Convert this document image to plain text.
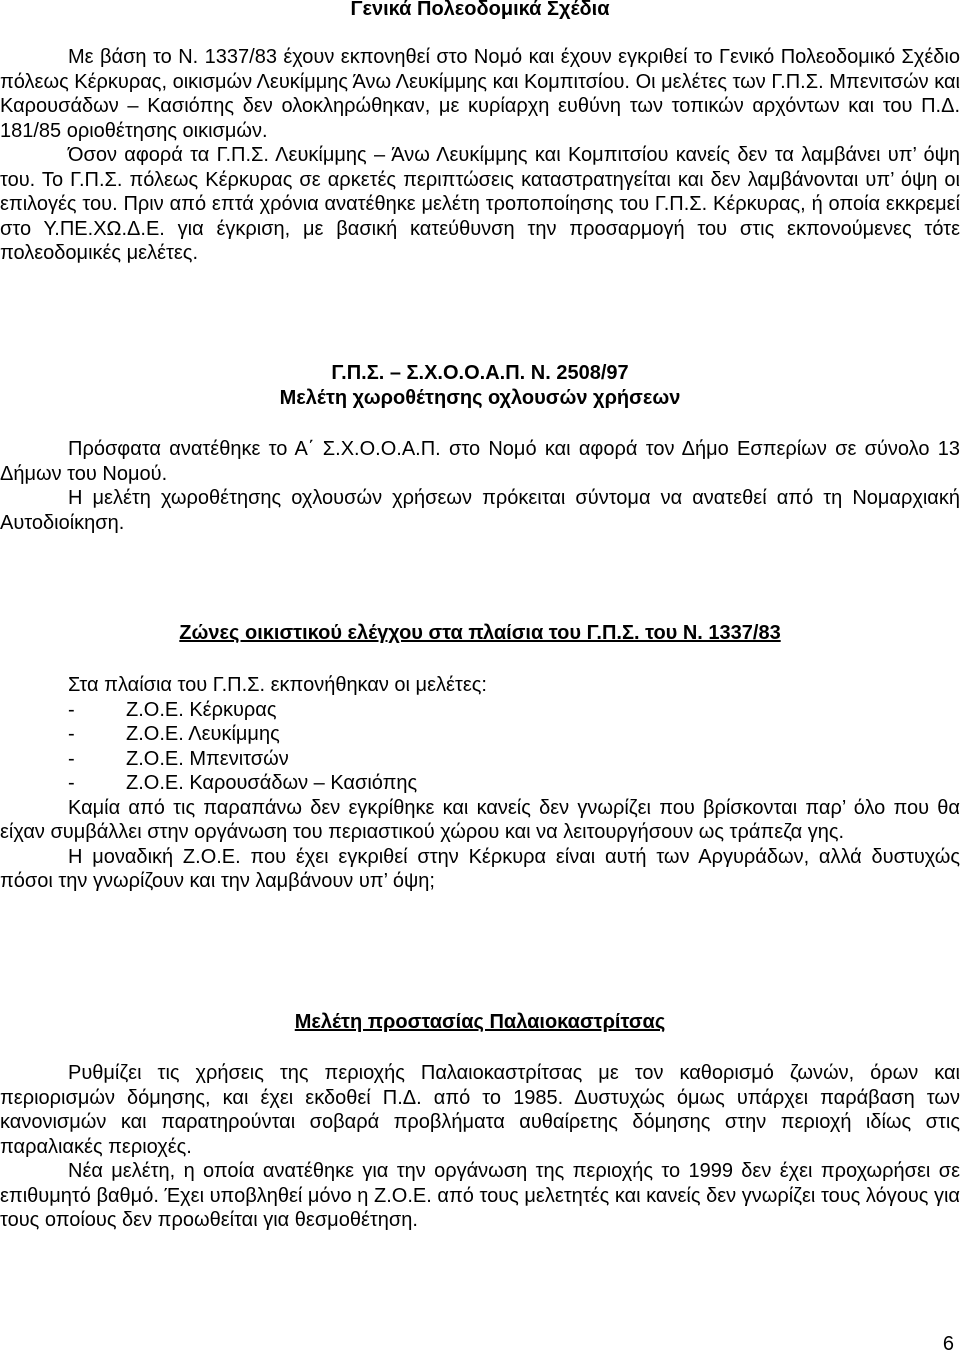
Γενικά Πολεοδομικά Σχέδια

Με βάση το Ν. 1337/83 έχουν εκπονηθεί στο Νομό και έχουν εγκριθεί το Γενικό Πολεοδομικό Σχέδιο πόλεως Κέρκυρας, οικισμών Λευκίμμης Άνω Λευκίμμης και Κομπιτσίου. Οι μελέτες των Γ.Π.Σ. Μπενιτσών και Καρουσάδων – Κασιόπης δεν ολοκληρώθηκαν, με κυρίαρχη ευθύνη των τοπικών αρχόντων και του Π.Δ. 181/85 οριοθέτησης οικισμών.

Όσον αφορά τα Γ.Π.Σ. Λευκίμμης – Άνω Λευκίμμης και Κομπιτσίου κανείς δεν τα λαμβάνει υπ’ όψη του. Το Γ.Π.Σ. πόλεως Κέρκυρας σε αρκετές περιπτώσεις καταστρατηγείται και δεν λαμβάνονται υπ’ όψη οι επιλογές του. Πριν από επτά χρόνια ανατέθηκε μελέτη τροποποίησης του Γ.Π.Σ. Κέρκυρας, ή οποία εκκρεμεί στο Υ.ΠΕ.ΧΩ.Δ.Ε. για έγκριση, με βασική κατεύθυνση την προσαρμογή του στις εκπονούμενες τότε πολεοδομικές μελέτες.

Γ.Π.Σ. – Σ.Χ.Ο.Ο.Α.Π. Ν. 2508/97
Μελέτη χωροθέτησης οχλουσών χρήσεων

Πρόσφατα ανατέθηκε το Α΄ Σ.Χ.Ο.Ο.Α.Π. στο Νομό και αφορά τον Δήμο Εσπερίων σε σύνολο 13 Δήμων του Νομού.

Η μελέτη χωροθέτησης οχλουσών χρήσεων πρόκειται σύντομα να ανατεθεί από τη Νομαρχιακή Αυτοδιοίκηση.

Ζώνες οικιστικού ελέγχου στα πλαίσια του Γ.Π.Σ. του Ν. 1337/83

Στα πλαίσια του Γ.Π.Σ. εκπονήθηκαν οι μελέτες:

-	Ζ.Ο.Ε. Κέρκυρας

-	Ζ.Ο.Ε. Λευκίμμης

-	Ζ.Ο.Ε. Μπενιτσών

-	Ζ.Ο.Ε. Καρουσάδων – Κασιόπης

Καμία από τις παραπάνω δεν εγκρίθηκε και κανείς δεν γνωρίζει που βρίσκονται παρ’ όλο που θα είχαν συμβάλλει στην οργάνωση του περιαστικού χώρου και να λειτουργήσουν ως τράπεζα γης.

Η μοναδική Ζ.Ο.Ε. που έχει εγκριθεί στην Κέρκυρα είναι αυτή των Αργυράδων, αλλά δυστυχώς πόσοι την γνωρίζουν και την λαμβάνουν υπ’ όψη;

Μελέτη προστασίας Παλαιοκαστρίτσας

Ρυθμίζει τις χρήσεις της περιοχής Παλαιοκαστρίτσας με τον καθορισμό ζωνών, όρων και περιορισμών δόμησης, και έχει εκδοθεί Π.Δ. από το 1985. Δυστυχώς όμως υπάρχει παράβαση των κανονισμών και παρατηρούνται σοβαρά προβλήματα αυθαίρετης δόμησης στην περιοχή ιδίως στις παραλιακές περιοχές.

Νέα μελέτη, η οποία ανατέθηκε για την οργάνωση της περιοχής το 1999 δεν έχει προχωρήσει σε επιθυμητό βαθμό. Έχει υποβληθεί μόνο η Ζ.Ο.Ε. από τους μελετητές και κανείς δεν γνωρίζει τους λόγους για τους οποίους δεν προωθείται για θεσμοθέτηση.

6
